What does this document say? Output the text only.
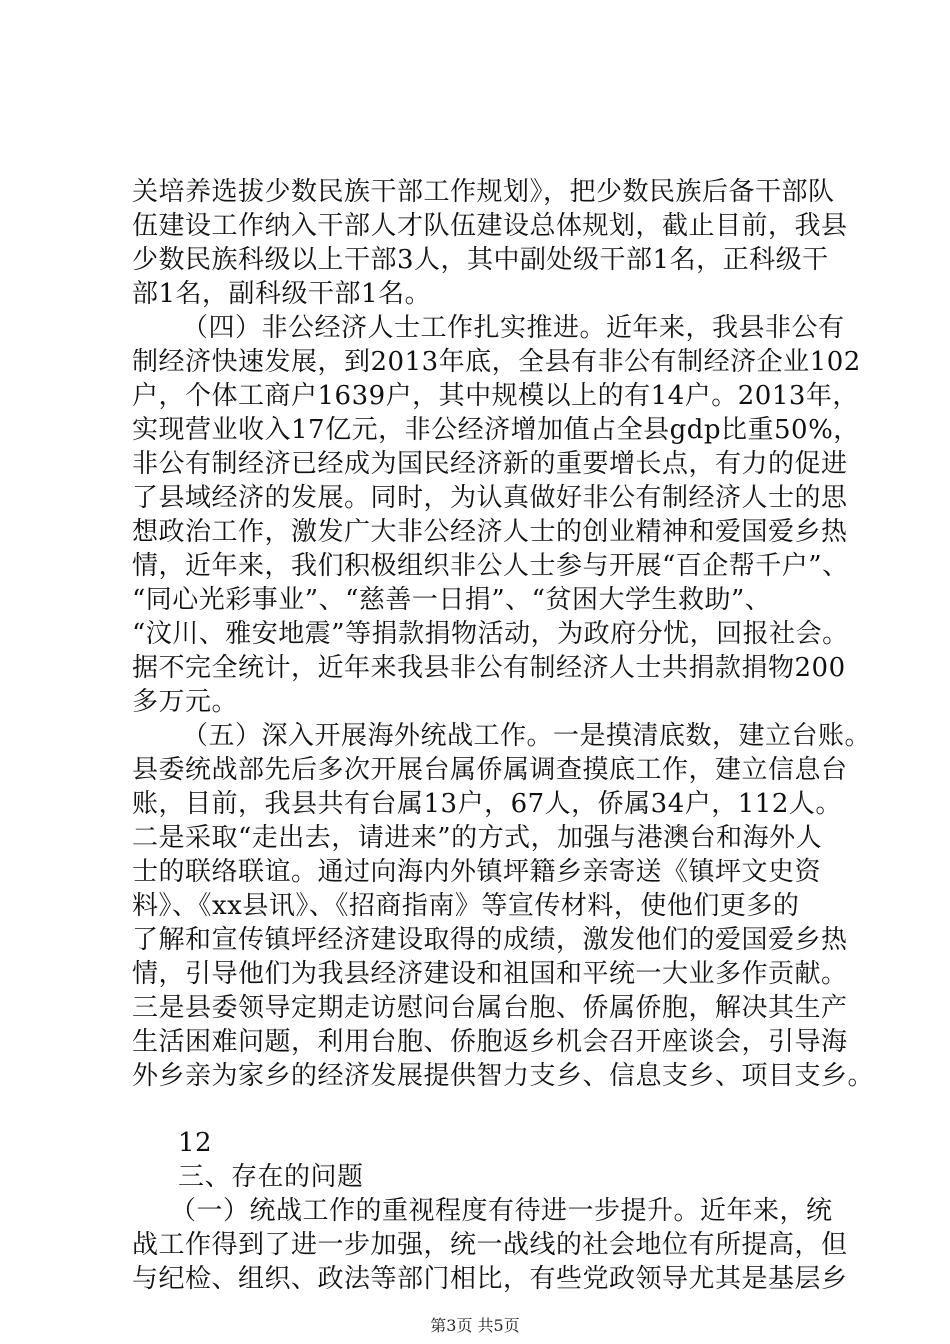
关培养选拔少数民族干部工作规划》，把少数民族后备干部队
伍建设工作纳入干部人才队伍建设总体规划，截止目前，我县
少数民族科级以上干部3人，其中副处级干部1名，正科级干
部1名，副科级干部1名。
（四）非公经济人士工作扎实推进。近年来，我县非公有
制经济快速发展，到2013年底，全县有非公有制经济企业102
户，个体工商户1639户，其中规模以上的有14户。2013年，
实现营业收入17亿元，非公经济增加值占全县gdp比重50%，
非公有制经济已经成为国民经济新的重要增长点，有力的促进
了县域经济的发展。同时，为认真做好非公有制经济人士的思
想政治工作，激发广大非公经济人士的创业精神和爱国爱乡热
情，近年来，我们积极组织非公人士参与开展“百企帮千户”、
“同心光彩事业”、“慈善一日捐”、“贫困大学生救助”、
“汶川、雅安地震”等捐款捐物活动，为政府分忧，回报社会。
据不完全统计，近年来我县非公有制经济人士共捐款捐物200
多万元。
（五）深入开展海外统战工作。一是摸清底数，建立台账。
县委统战部先后多次开展台属侨属调查摸底工作，建立信息台
账，目前，我县共有台属13户，67人，侨属34户，112人。
二是采取“走出去，请进来”的方式，加强与港澳台和海外人
士的联络联谊。通过向海内外镇坪籍乡亲寄送《镇坪文史资
料》、《xx县讯》、《招商指南》等宣传材料，使他们更多的
了解和宣传镇坪经济建设取得的成绩，激发他们的爱国爱乡热
情，引导他们为我县经济建设和祖国和平统一大业多作贡献。
三是县委领导定期走访慰问台属台胞、侨属侨胞，解决其生产
生活困难问题，利用台胞、侨胞返乡机会召开座谈会，引导海
外乡亲为家乡的经济发展提供智力支乡、信息支乡、项目支乡。
12
三、存在的问题
（一）统战工作的重视程度有待进一步提升。近年来，统
战工作得到了进一步加强，统一战线的社会地位有所提高，但
与纪检、组织、政法等部门相比，有些党政领导尤其是基层乡
第3页 共5页
